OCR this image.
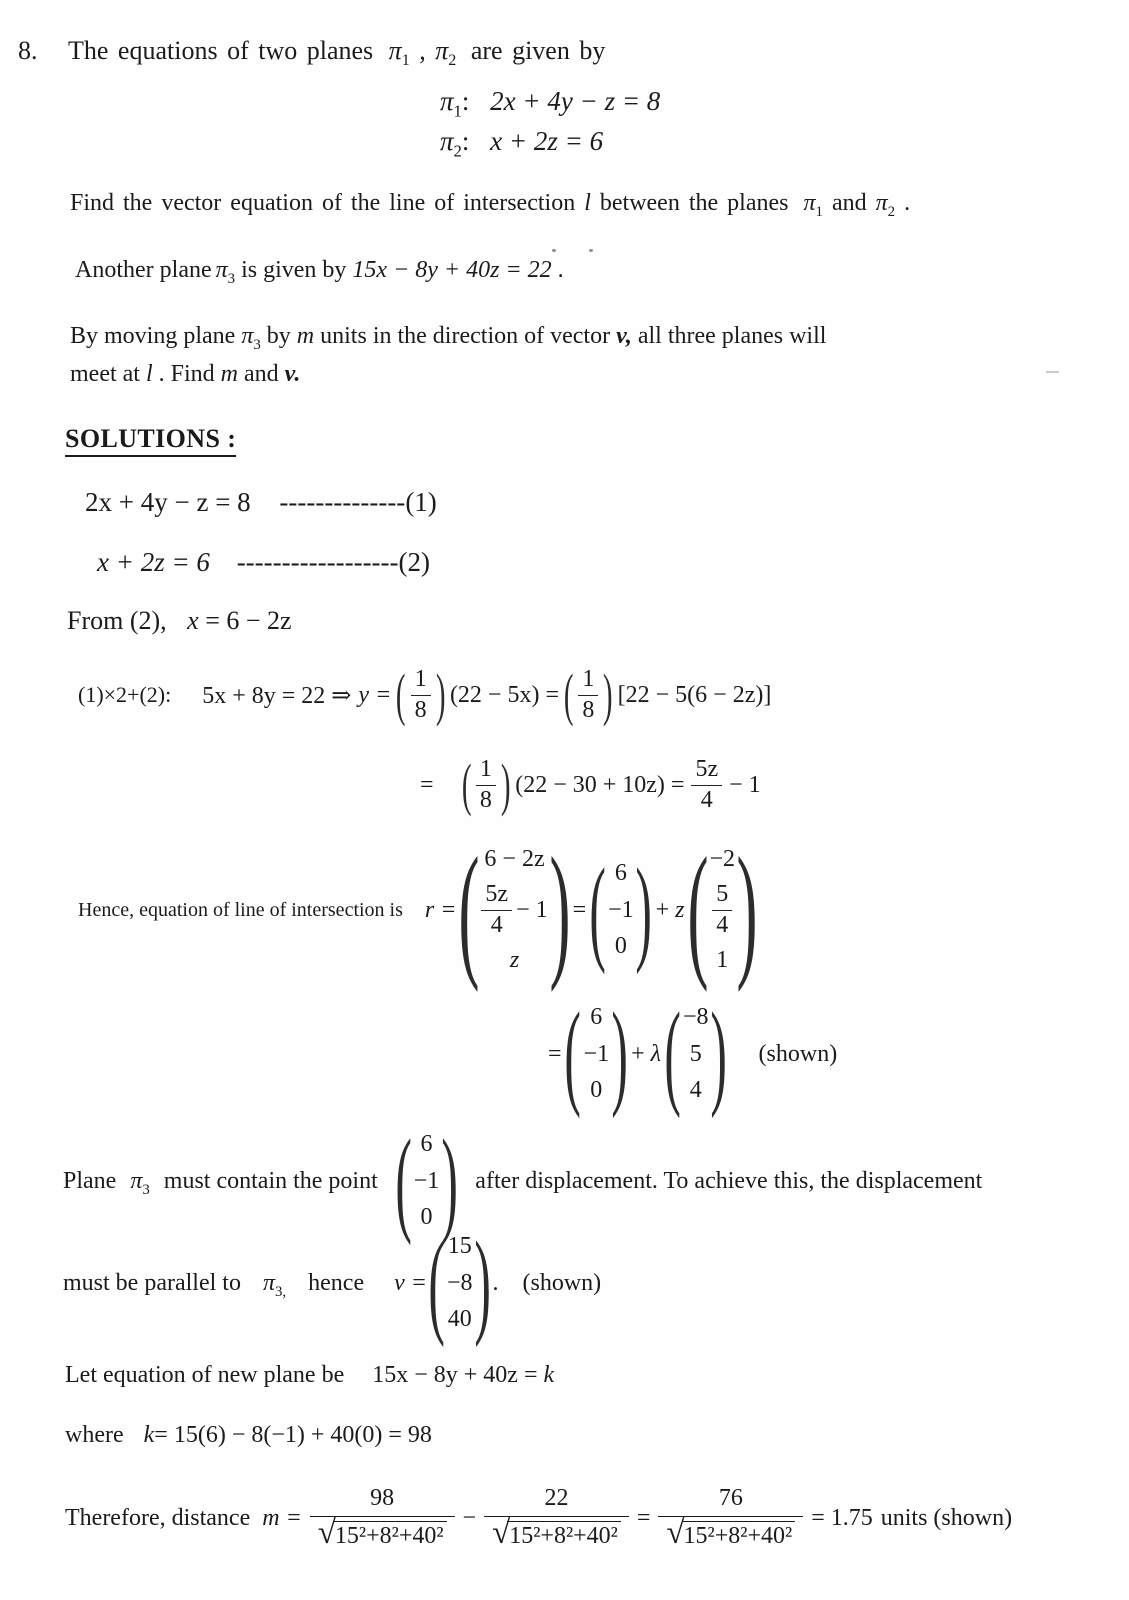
8. The equations of two planes $\pi_1$ , $\pi_2$ are given by
$\pi_1$: 2x + 4y − z = 8
$\pi_2$: x + 2z = 6
Find the vector equation of the line of intersection l between the planes $\pi_1$ and $\pi_2$ .
Another plane $\pi_3$ is given by 15x − 8y + 40z = 22 .
By moving plane $\pi_3$ by m units in the direction of vector v, all three planes will
meet at l . Find m and v.
SOLUTIONS :
2x + 4y − z = 8 --------------(1)
x + 2z = 6 ------------------(2)
From (2), x = 6 − 2z
(1)×2+(2): 5x + 8y = 22 ⇒ y = ( $\frac{1}{8}$ ) (22 − 5x) = ( $\frac{1}{8}$ ) [22 − 5(6 − 2z)]
= ( $\frac{1}{8}$ ) $(22 - 30 + 10z) = \frac{5z}{4} - 1$
Hence, equation of line of intersection is r = ( 6 − 2z
$\frac{5z}{4} - 1$
z ) = ( 6
−1
0 ) + z ( −2
$\frac{5}{4}$
1 )
= ( 6
−1
0 ) + λ ( −8
5
4 ) (shown)
Plane $\pi_3$ must contain the point ( 6
−1
0 ) after displacement. To achieve this, the displacement
must be parallel to $\pi_{3,}$ hence v = ( 15
−8
40 ) . (shown)
Let equation of new plane be 15x − 8y + 40z = k
where k= 15(6) − 8(−1) + 40(0) = 98
Therefore, distance $m = \frac{98}{\text{√ 15²+8²+40²}} - \frac{22}{\text{√ 15²+8²+40²}} = \frac{76}{\text{√ 15²+8²+40²}} = 1.75$ units (shown)
